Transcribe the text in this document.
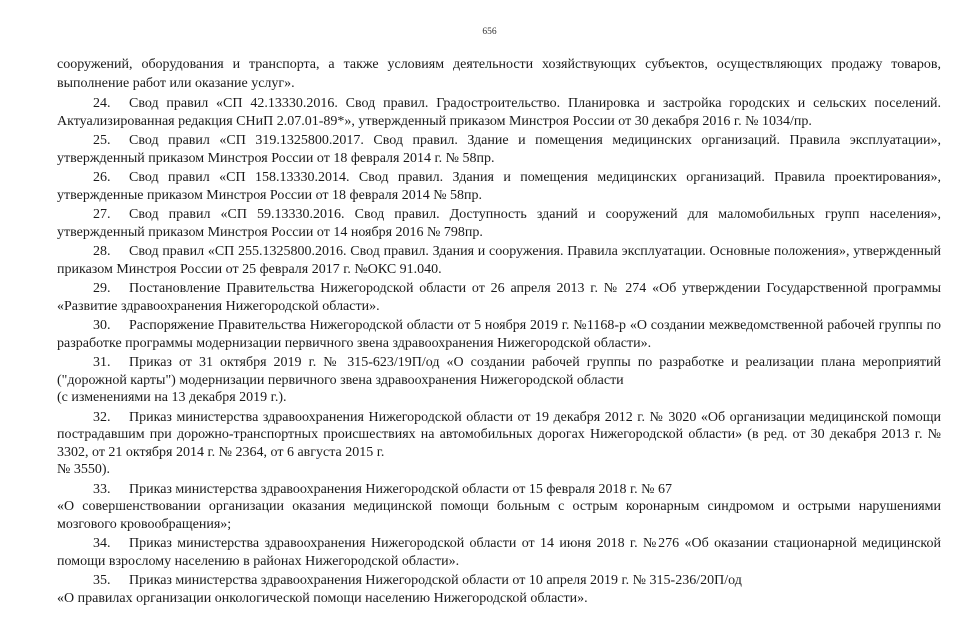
656

сооружений, оборудования и транспорта, а также условиям деятельности хозяйствующих субъектов, осуществляющих продажу товаров, выполнение работ или оказание услуг».

24. Свод правил «СП 42.13330.2016. Свод правил. Градостроительство. Планировка и застройка городских и сельских поселений. Актуализированная редакция СНиП 2.07.01-89*», утвержденный приказом Минстроя России от 30 декабря 2016 г. № 1034/пр.

25. Свод правил «СП 319.1325800.2017. Свод правил. Здание и помещения медицинских организаций. Правила эксплуатации», утвержденный приказом Минстроя России от 18 февраля 2014 г. № 58пр.

26. Свод правил «СП 158.13330.2014. Свод правил. Здания и помещения медицинских организаций. Правила проектирования», утвержденные приказом Минстроя России от 18 февраля 2014 № 58пр.

27. Свод правил «СП 59.13330.2016. Свод правил. Доступность зданий и сооружений для маломобильных групп населения», утвержденный приказом Минстроя России от 14 ноября 2016 № 798пр.

28. Свод правил «СП 255.1325800.2016. Свод правил. Здания и сооружения. Правила эксплуатации. Основные положения», утвержденный приказом Минстроя России от 25 февраля 2017 г. №ОКС 91.040.

29. Постановление Правительства Нижегородской области от 26 апреля 2013 г. № 274 «Об утверждении Государственной программы «Развитие здравоохранения Нижегородской области».

30. Распоряжение Правительства Нижегородской области от 5 ноября 2019 г. №1168-р «О создании межведомственной рабочей группы по разработке программы модернизации первичного звена здравоохранения Нижегородской области».

31. Приказ от 31 октября 2019 г. № 315-623/19П/од «О создании рабочей группы по разработке и реализации плана мероприятий ("дорожной карты") модернизации первичного звена здравоохранения Нижегородской области
(с изменениями на 13 декабря 2019 г.).

32. Приказ министерства здравоохранения Нижегородской области от 19 декабря 2012 г. № 3020 «Об организации медицинской помощи пострадавшим при дорожно-транспортных происшествиях на автомобильных дорогах Нижегородской области» (в ред. от 30 декабря 2013 г. № 3302, от 21 октября 2014 г. № 2364, от 6 августа 2015 г.
№ 3550).

33. Приказ министерства здравоохранения Нижегородской области от 15 февраля 2018 г. № 67
«О совершенствовании организации оказания медицинской помощи больным с острым коронарным синдромом и острыми нарушениями мозгового кровообращения»;

34. Приказ министерства здравоохранения Нижегородской области от 14 июня 2018 г. №276 «Об оказании стационарной медицинской помощи взрослому населению в районах Нижегородской области».

35. Приказ министерства здравоохранения Нижегородской области от 10 апреля 2019 г. № 315-236/20П/од
«О правилах организации онкологической помощи населению Нижегородской области».
